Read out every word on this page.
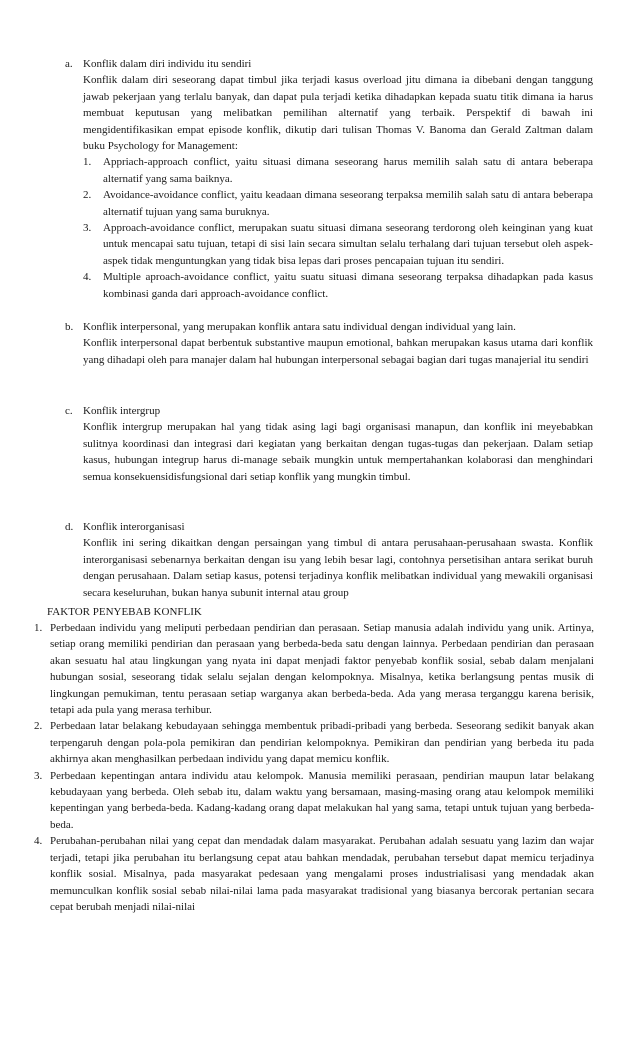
a. Konflik dalam diri individu itu sendiri

Konflik dalam diri seseorang dapat timbul jika terjadi kasus overload jitu dimana ia dibebani dengan tanggung jawab pekerjaan yang terlalu banyak, dan dapat pula terjadi ketika dihadapkan kepada suatu titik dimana ia harus membuat keputusan yang melibatkan pemilihan alternatif yang terbaik. Perspektif di bawah ini mengidentifikasikan empat episode konflik, dikutip dari tulisan Thomas V. Banoma dan Gerald Zaltman dalam buku Psychology for Management:

1.	Appriach-approach conflict, yaitu situasi dimana seseorang harus memilih salah satu di antara beberapa alternatif yang sama baiknya.
2.	Avoidance-avoidance conflict, yaitu keadaan dimana seseorang terpaksa memilih salah satu di antara beberapa alternatif tujuan yang sama buruknya.
3.	Approach-avoidance conflict, merupakan suatu situasi dimana seseorang terdorong oleh keinginan yang kuat untuk mencapai satu tujuan, tetapi di sisi lain secara simultan selalu terhalang dari tujuan tersebut oleh aspek-aspek tidak menguntungkan yang tidak bisa lepas dari proses pencapaian tujuan itu sendiri.
4.	Multiple aproach-avoidance conflict, yaitu suatu situasi dimana seseorang terpaksa dihadapkan pada kasus kombinasi ganda dari approach-avoidance conflict.
b. Konflik interpersonal, yang merupakan konflik antara satu individual dengan individual yang lain.

Konflik interpersonal dapat berbentuk substantive maupun emotional, bahkan merupakan kasus utama dari konflik yang dihadapi oleh para manajer dalam hal hubungan interpersonal sebagai bagian dari tugas manajerial itu sendiri

c. Konflik intergrup

Konflik intergrup merupakan hal yang tidak asing lagi bagi organisasi manapun, dan konflik ini meyebabkan sulitnya koordinasi dan integrasi dari kegiatan yang berkaitan dengan tugas-tugas dan pekerjaan. Dalam setiap kasus, hubungan integrup harus di-manage sebaik mungkin untuk mempertahankan kolaborasi dan menghindari semua konsekuensidisfungsional dari setiap konflik yang mungkin timbul.

d. Konflik interorganisasi

Konflik ini sering dikaitkan dengan persaingan yang timbul di antara perusahaan-perusahaan swasta. Konflik interorganisasi sebenarnya berkaitan dengan isu yang lebih besar lagi, contohnya persetisihan antara serikat buruh dengan perusahaan. Dalam setiap kasus, potensi terjadinya konflik melibatkan individual yang mewakili organisasi secara keseluruhan, bukan hanya subunit internal atau group

FAKTOR PENYEBAB KONFLIK

1. Perbedaan individu yang meliputi perbedaan pendirian dan perasaan. Setiap manusia adalah individu yang unik. Artinya, setiap orang memiliki pendirian dan perasaan yang berbeda-beda satu dengan lainnya. Perbedaan pendirian dan perasaan akan sesuatu hal atau lingkungan yang nyata ini dapat menjadi faktor penyebab konflik sosial, sebab dalam menjalani hubungan sosial, seseorang tidak selalu sejalan dengan kelompoknya. Misalnya, ketika berlangsung pentas musik di lingkungan pemukiman, tentu perasaan setiap warganya akan berbeda-beda. Ada yang merasa terganggu karena berisik, tetapi ada pula yang merasa terhibur.
2. Perbedaan latar belakang kebudayaan sehingga membentuk pribadi-pribadi yang berbeda. Seseorang sedikit banyak akan terpengaruh dengan pola-pola pemikiran dan pendirian kelompoknya. Pemikiran dan pendirian yang berbeda itu pada akhirnya akan menghasilkan perbedaan individu yang dapat memicu konflik.
3. Perbedaan kepentingan antara individu atau kelompok. Manusia memiliki perasaan, pendirian maupun latar belakang kebudayaan yang berbeda. Oleh sebab itu, dalam waktu yang bersamaan, masing-masing orang atau kelompok memiliki kepentingan yang berbeda-beda. Kadang-kadang orang dapat melakukan hal yang sama, tetapi untuk tujuan yang berbeda-beda.
4. Perubahan-perubahan nilai yang cepat dan mendadak dalam masyarakat. Perubahan adalah sesuatu yang lazim dan wajar terjadi, tetapi jika perubahan itu berlangsung cepat atau bahkan mendadak, perubahan tersebut dapat memicu terjadinya konflik sosial. Misalnya, pada masyarakat pedesaan yang mengalami proses industrialisasi yang mendadak akan memunculkan konflik sosial sebab nilai-nilai lama pada masyarakat tradisional yang biasanya bercorak pertanian secara cepat berubah menjadi nilai-nilai
